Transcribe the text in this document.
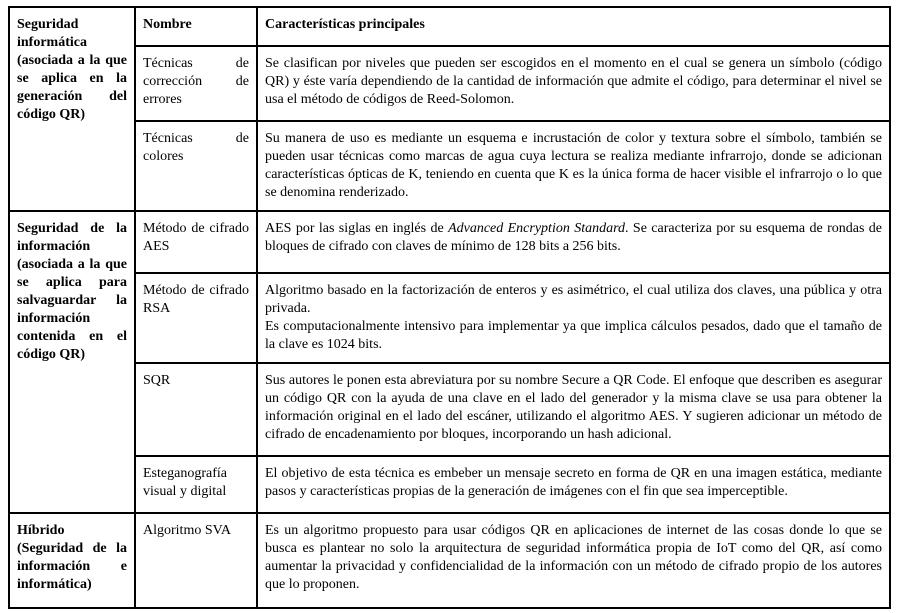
Seguridad informática (asociada a la que se aplica en la generación del código QR)	Nombre	Características principales
	Técnicas de corrección de errores	Se clasifican por niveles que pueden ser escogidos en el momento en el cual se genera un símbolo (código QR) y éste varía dependiendo de la cantidad de información que admite el código, para determinar el nivel se usa el método de códigos de Reed-Solomon.
	Técnicas de colores	Su manera de uso es mediante un esquema e incrustación de color y textura sobre el símbolo, también se pueden usar técnicas como marcas de agua cuya lectura se realiza mediante infrarrojo, donde se adicionan características ópticas de K, teniendo en cuenta que K es la única forma de hacer visible el infrarrojo o lo que se denomina renderizado.
Seguridad de la información (asociada a la que se aplica para salvaguardar la información contenida en el código QR)	Método de cifrado AES	AES por las siglas en inglés de Advanced Encryption Standard. Se caracteriza por su esquema de rondas de bloques de cifrado con claves de mínimo de 128 bits a 256 bits.
	Método de cifrado RSA	Algoritmo basado en la factorización de enteros y es asimétrico, el cual utiliza dos claves, una pública y otra privada.
Es computacionalmente intensivo para implementar ya que implica cálculos pesados, dado que el tamaño de la clave es 1024 bits.

	SQR	Sus autores le ponen esta abreviatura por su nombre Secure a QR Code. El enfoque que describen es asegurar un código QR con la ayuda de una clave en el lado del generador y la misma clave se usa para obtener la información original en el lado del escáner, utilizando el algoritmo AES. Y sugieren adicionar un método de cifrado de encadenamiento por bloques, incorporando un hash adicional.
	Esteganografía visual y digital	El objetivo de esta técnica es embeber un mensaje secreto en forma de QR en una imagen estática, mediante pasos y características propias de la generación de imágenes con el fin que sea imperceptible.
Híbrido (Seguridad de la información e informática)	Algoritmo SVA	Es un algoritmo propuesto para usar códigos QR en aplicaciones de internet de las cosas donde lo que se busca es plantear no solo la arquitectura de seguridad informática propia de IoT como del QR, así como aumentar la privacidad y confidencialidad de la información con un método de cifrado propio de los autores que lo proponen.
